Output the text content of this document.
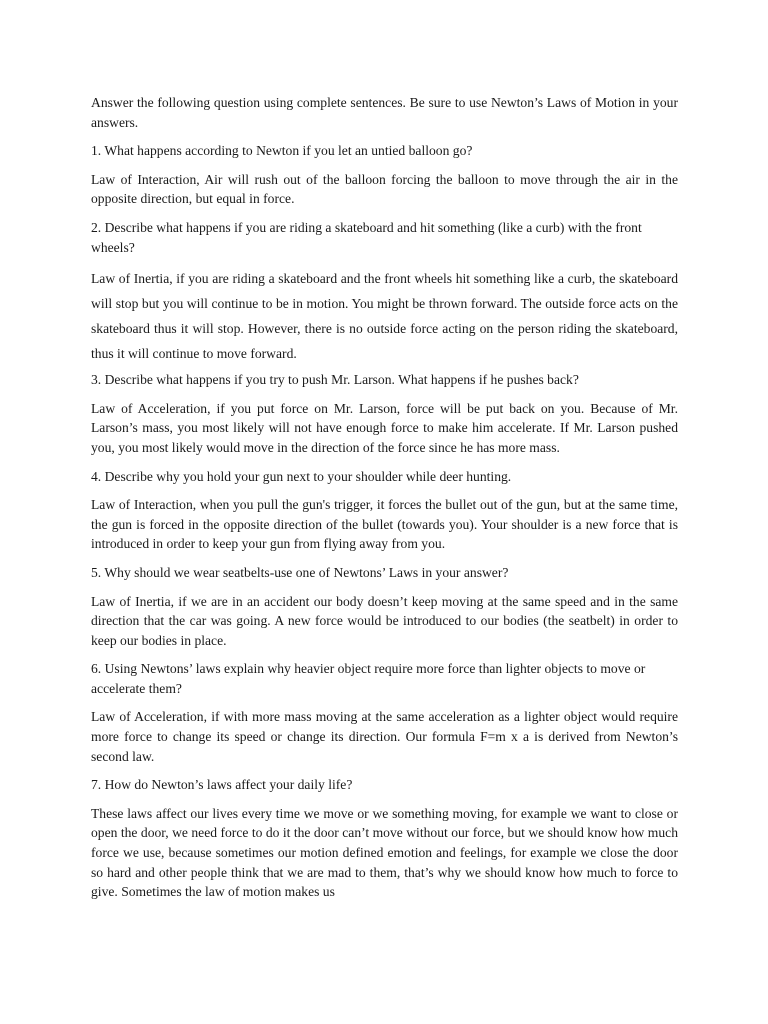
Answer the following question using complete sentences. Be sure to use Newton’s Laws of Motion in your answers.

1. What happens according to Newton if you let an untied balloon go?

Law of Interaction, Air will rush out of the balloon forcing the balloon to move through the air in the opposite direction, but equal in force.

2. Describe what happens if you are riding a skateboard and hit something (like a curb) with the front wheels?

Law of Inertia, if you are riding a skateboard and the front wheels hit something like a curb, the skateboard will stop but you will continue to be in motion. You might be thrown forward. The outside force acts on the skateboard thus it will stop. However, there is no outside force acting on the person riding the skateboard, thus it will continue to move forward.

3. Describe what happens if you try to push Mr. Larson. What happens if he pushes back?

Law of Acceleration, if you put force on Mr. Larson, force will be put back on you. Because of Mr. Larson’s mass, you most likely will not have enough force to make him accelerate. If Mr. Larson pushed you, you most likely would move in the direction of the force since he has more mass.

4. Describe why you hold your gun next to your shoulder while deer hunting.

Law of Interaction, when you pull the gun's trigger, it forces the bullet out of the gun, but at the same time, the gun is forced in the opposite direction of the bullet (towards you). Your shoulder is a new force that is introduced in order to keep your gun from flying away from you.

5. Why should we wear seatbelts-use one of Newtons’ Laws in your answer?

Law of Inertia, if we are in an accident our body doesn’t keep moving at the same speed and in the same direction that the car was going. A new force would be introduced to our bodies (the seatbelt) in order to keep our bodies in place.

6. Using Newtons’ laws explain why heavier object require more force than lighter objects to move or accelerate them?

Law of Acceleration, if with more mass moving at the same acceleration as a lighter object would require more force to change its speed or change its direction. Our formula F=m x a is derived from Newton’s second law.

7. How do Newton’s laws affect your daily life?

These laws affect our lives every time we move or we something moving, for example we want to close or open the door, we need force to do it the door can’t move without our force, but we should know how much force we use, because sometimes our motion defined emotion and feelings, for example we close the door so hard and other people think that we are mad to them, that’s why we should know how much to force to give. Sometimes the law of motion makes us
